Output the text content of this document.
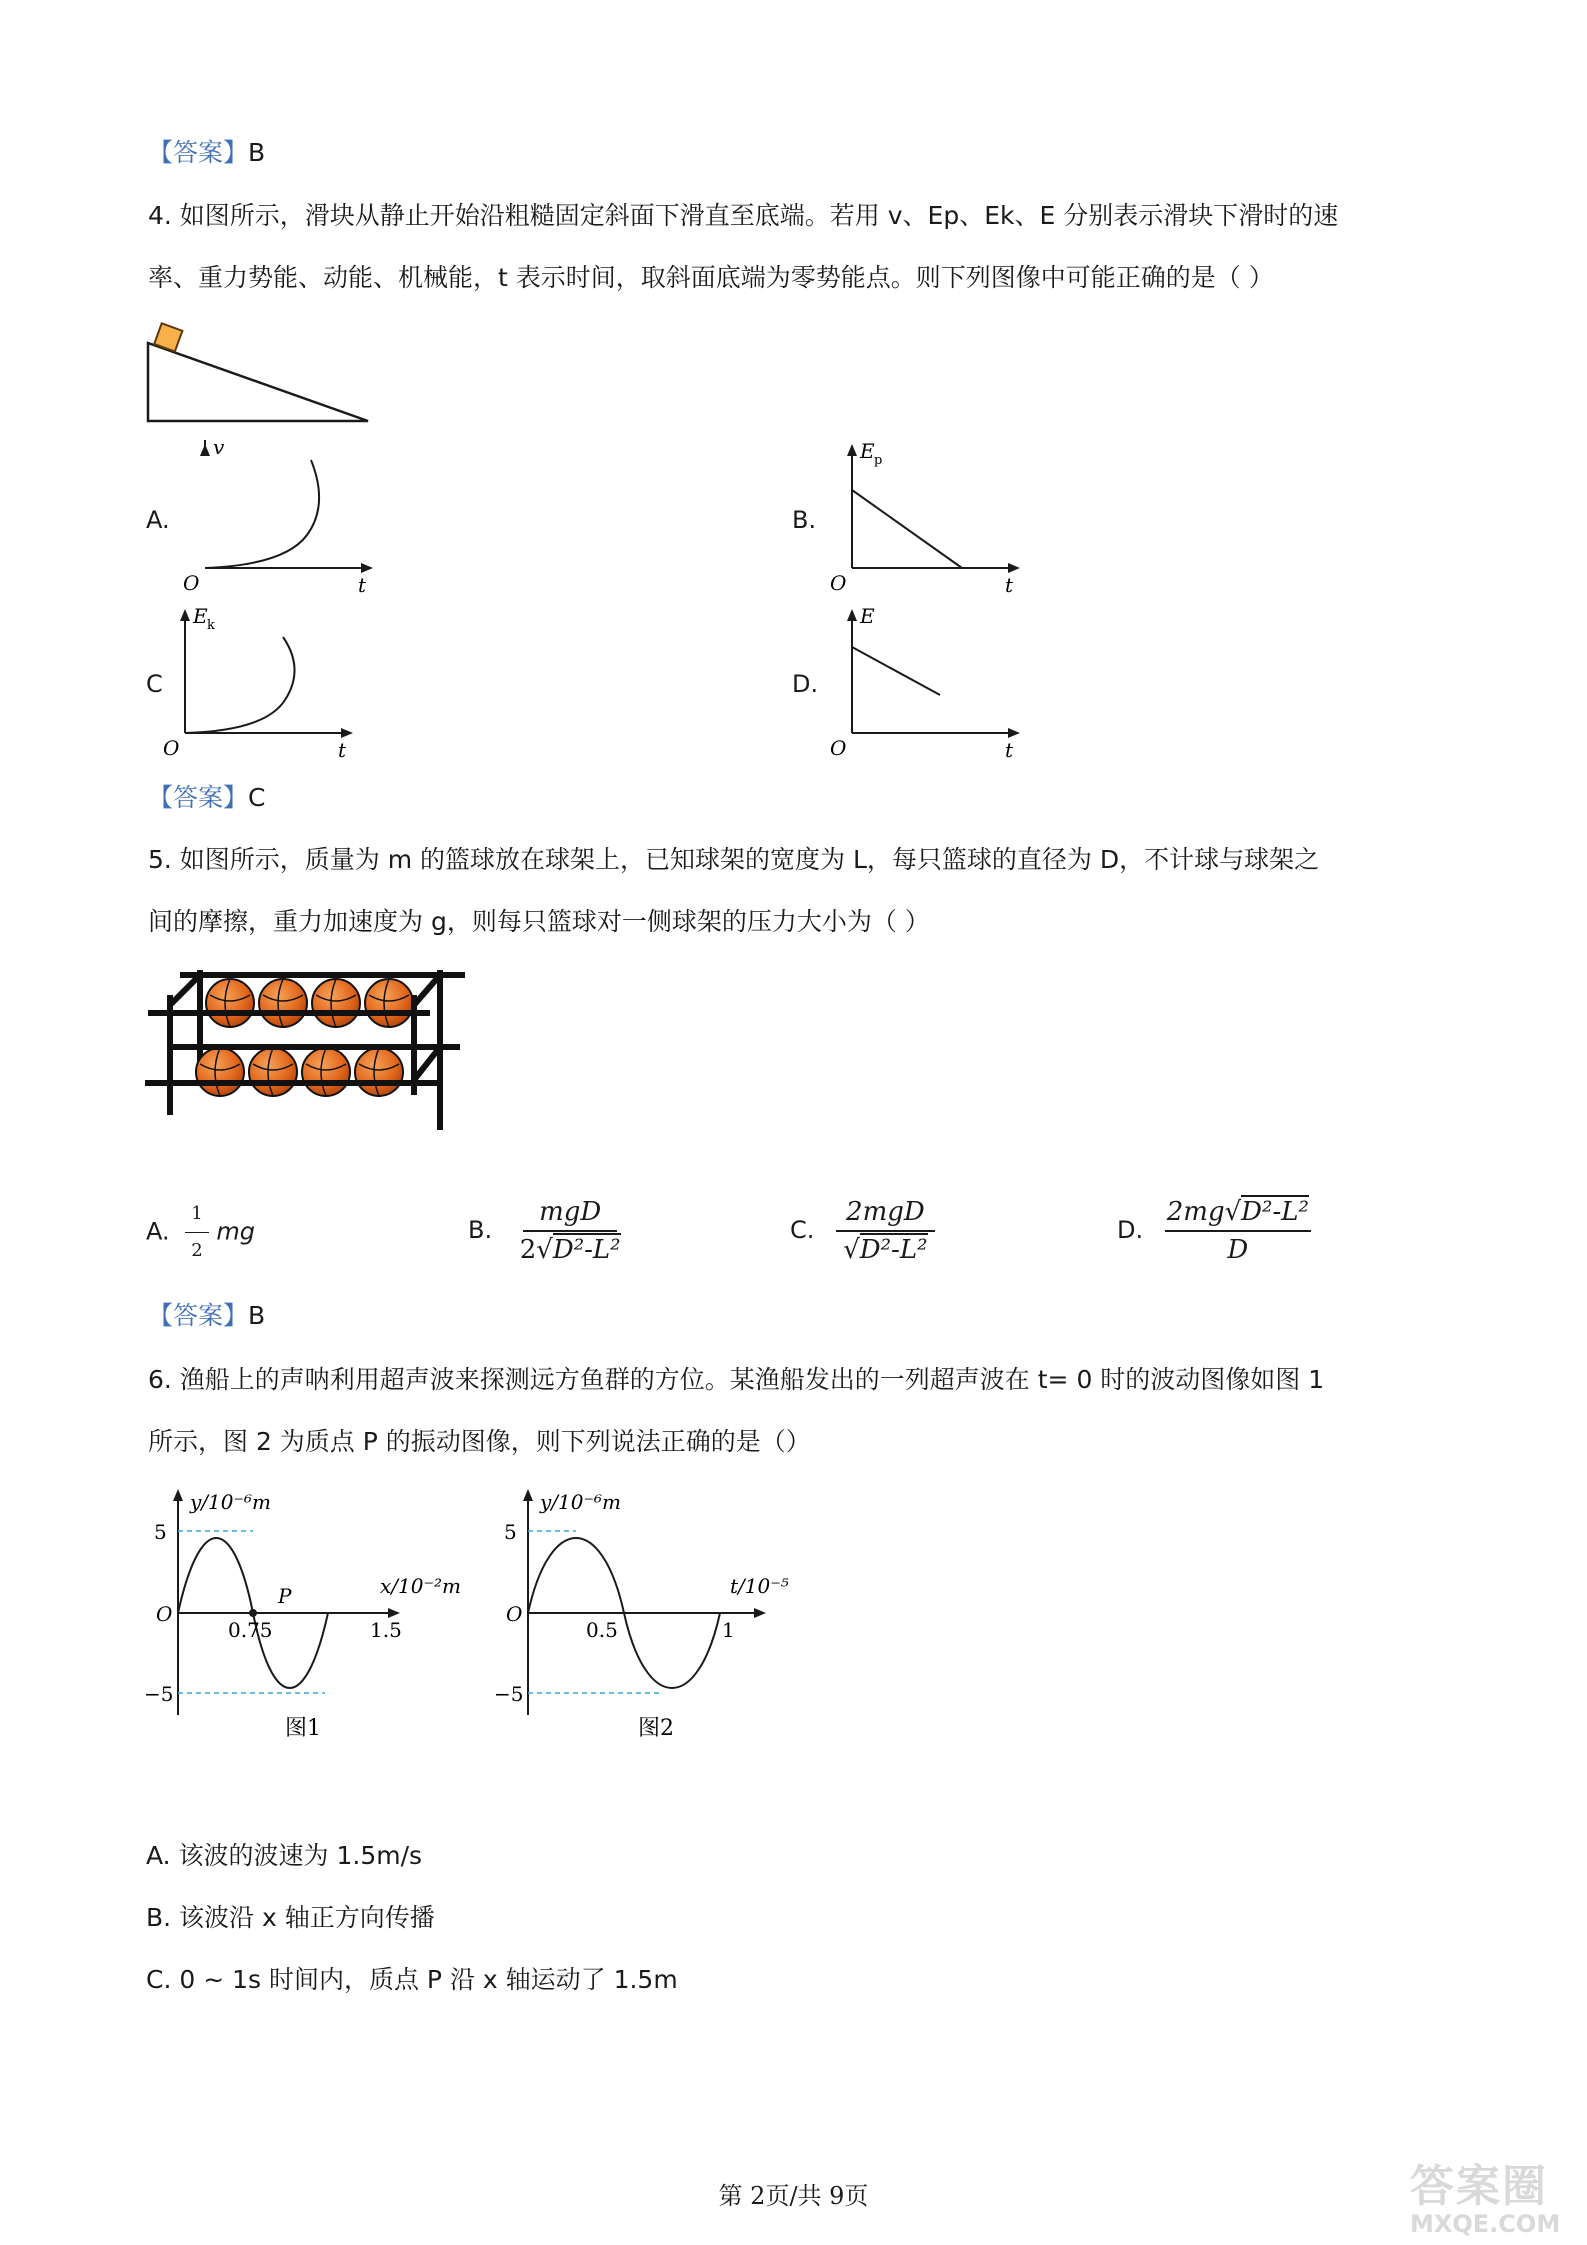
【答案】B
4. 如图所示，滑块从静止开始沿粗糙固定斜面下滑直至底端。若用 v、Ep、Ek、E 分别表示滑块下滑时的速
率、重力势能、动能、机械能，t 表示时间，取斜面底端为零势能点。则下列图像中可能正确的是（ ）
A.
v
O	t
B.
E p
O	t
C
E k
O	t
D.
E
O	t
【答案】C
5. 如图所示，质量为 m 的篮球放在球架上，已知球架的宽度为 L，每只篮球的直径为 D，不计球与球架之
间的摩擦，重力加速度为 g，则每只篮球对一侧球架的压力大小为（ ）
A. $\frac{1}{2}$ mg	B. $\frac{\text{mgD}}{\text{2√D²-L²}}$	C. $\frac{\text{2mgD}}{\text{√D²-L²}}$	D. $\frac{\text{2mg√D²-L²}}{D}$
【答案】B
6. 渔船上的声呐利用超声波来探测远方鱼群的方位。某渔船发出的一列超声波在 t= 0 时的波动图像如图 1
所示，图 2 为质点 P 的振动图像，则下列说法正确的是（）
y/10⁻⁶m
x/10⁻²m
5
−5
O
0.75	1.5
P
图1
y/10⁻⁶m
t/10⁻⁵
5
−5
O
0.5	1
图2
A. 该波的波速为 1.5m/s
B. 该波沿 x 轴正方向传播
C. 0 ~ 1s 时间内，质点 P 沿 x 轴运动了 1.5m
第 2页/共 9页	答案圈
MXQE.COM
